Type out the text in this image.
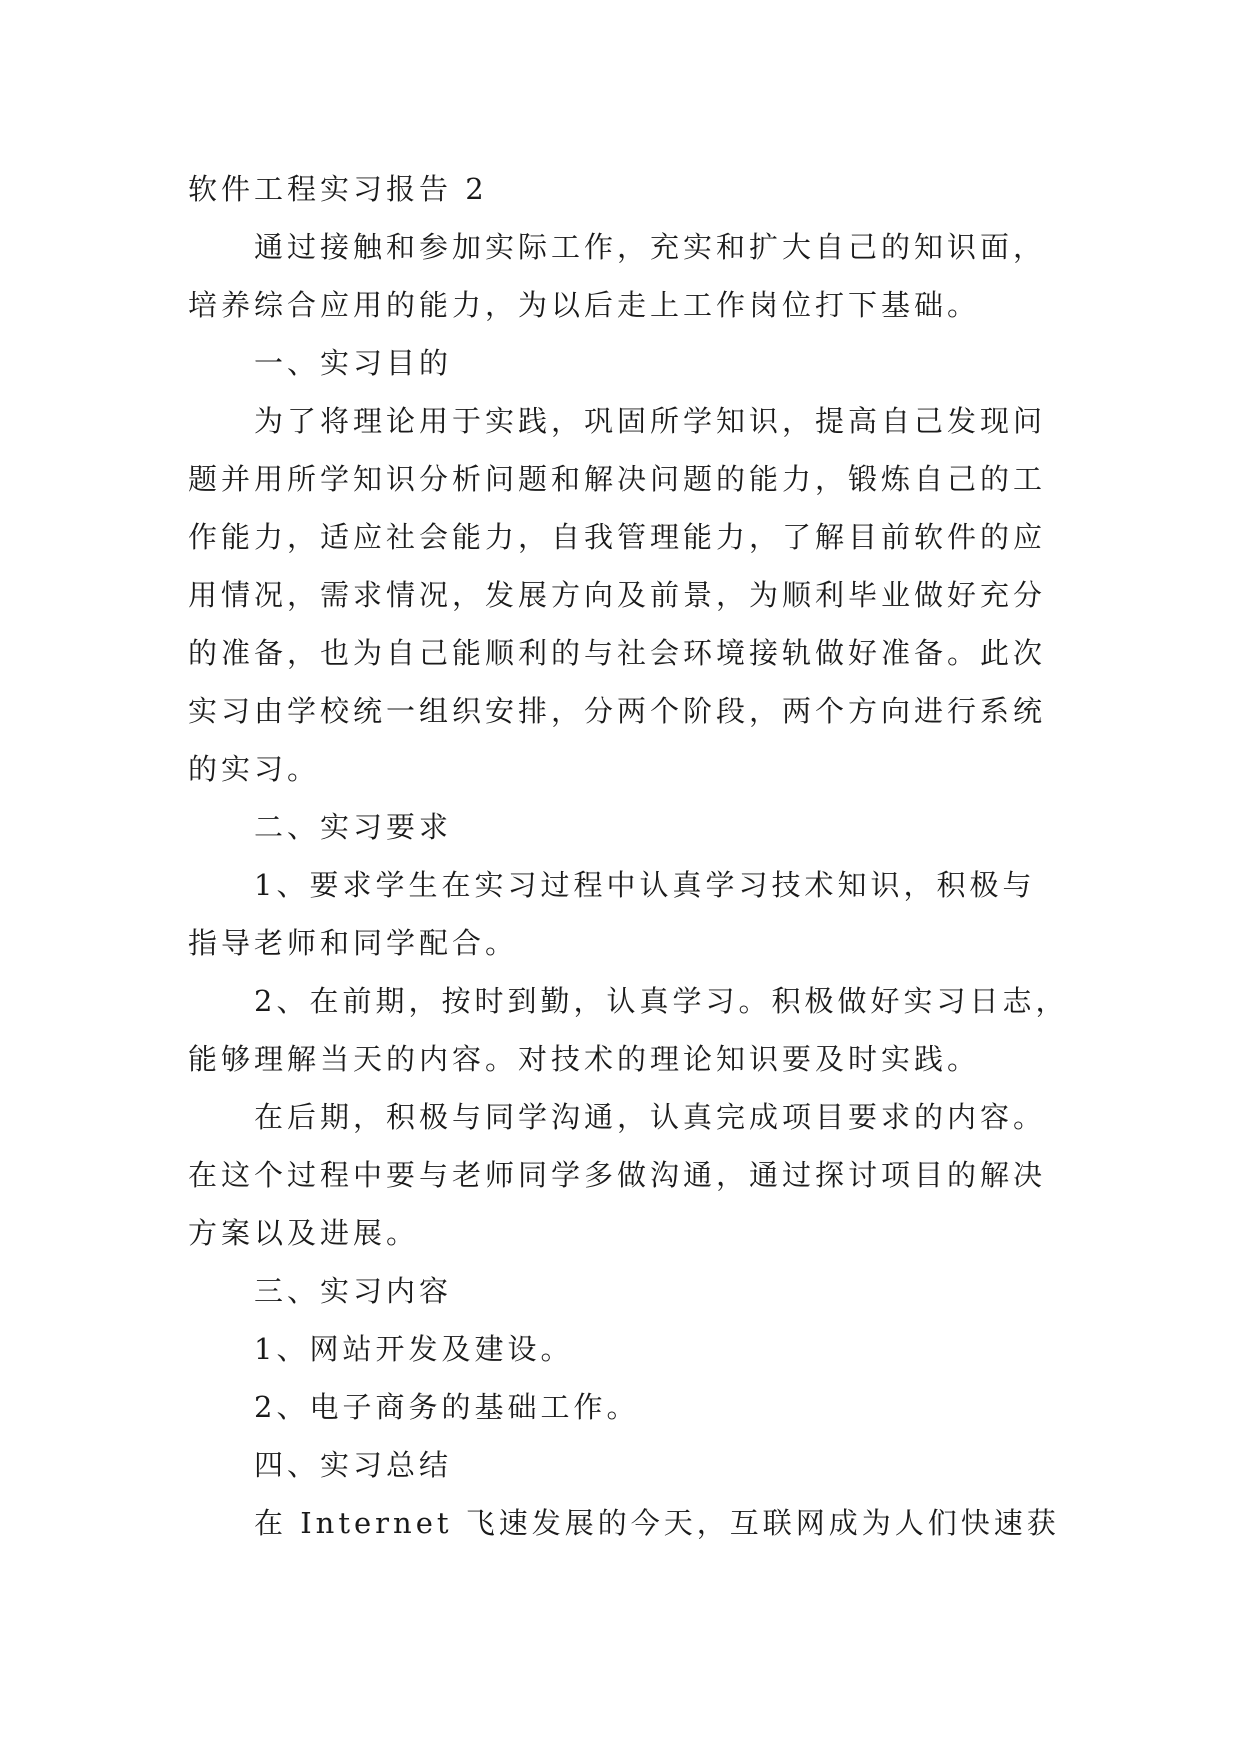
软件工程实习报告 2
通过接触和参加实际工作，充实和扩大自己的知识面，
培养综合应用的能力，为以后走上工作岗位打下基础。
一、实习目的
为了将理论用于实践，巩固所学知识，提高自己发现问
题并用所学知识分析问题和解决问题的能力，锻炼自己的工
作能力，适应社会能力，自我管理能力，了解目前软件的应
用情况，需求情况，发展方向及前景，为顺利毕业做好充分
的准备，也为自己能顺利的与社会环境接轨做好准备。此次
实习由学校统一组织安排，分两个阶段，两个方向进行系统
的实习。
二、实习要求
1、要求学生在实习过程中认真学习技术知识，积极与
指导老师和同学配合。
2、在前期，按时到勤，认真学习。积极做好实习日志，
能够理解当天的内容。对技术的理论知识要及时实践。
在后期，积极与同学沟通，认真完成项目要求的内容。
在这个过程中要与老师同学多做沟通，通过探讨项目的解决
方案以及进展。
三、实习内容
1、网站开发及建设。
2、电子商务的基础工作。
四、实习总结
在 Internet 飞速发展的今天，互联网成为人们快速获
